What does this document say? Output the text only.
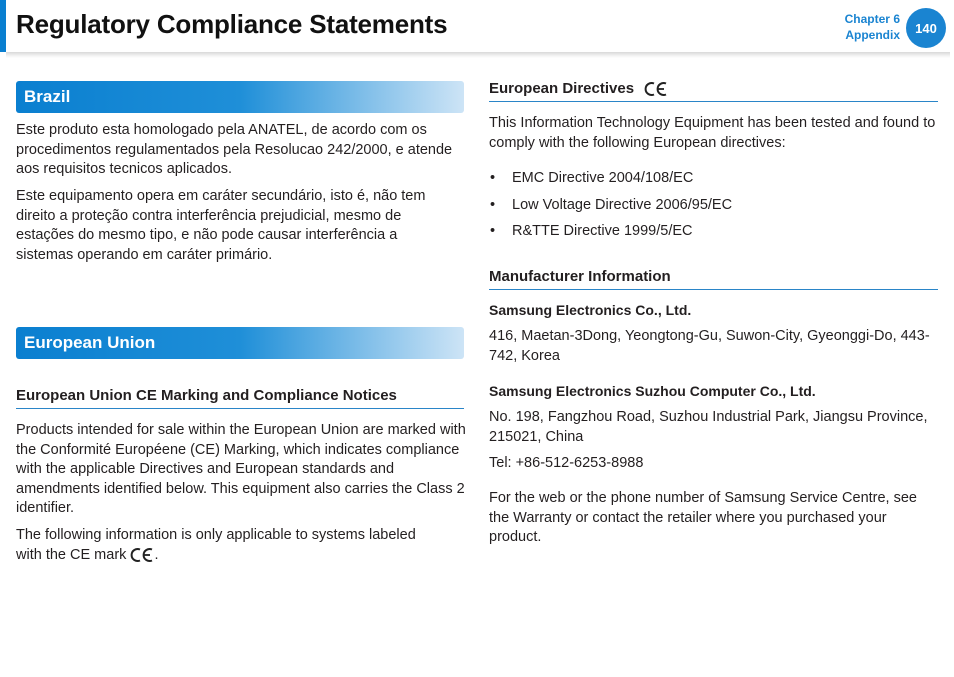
Regulatory Compliance Statements	Chapter 6
Appendix	140
Brazil

Este produto esta homologado pela ANATEL, de acordo com os procedimentos regulamentados pela Resolucao 242/2000, e atende aos requisitos tecnicos aplicados.

Este equipamento opera em caráter secundário, isto é, não tem direito a proteção contra interferência prejudicial, mesmo de estações do mesmo tipo, e não pode causar interferência a sistemas operando em caráter primário.

European Union
European Union CE Marking and Compliance Notices

Products intended for sale within the European Union are marked with the Conformité Européene (CE) Marking, which indicates compliance with the applicable Directives and European standards and amendments identified below. This equipment also carries the Class 2 identifier.

The following information is only applicable to systems labeled
with the CE mark .
European Directives

This Information Technology Equipment has been tested and found to comply with the following European directives:

• EMC Directive 2004/108/EC
• Low Voltage Directive 2006/95/EC
• R&TTE Directive 1999/5/EC
Manufacturer Information

Samsung Electronics Co., Ltd.

416, Maetan-3Dong, Yeongtong-Gu, Suwon-City, Gyeonggi-Do, 443-742, Korea

Samsung Electronics Suzhou Computer Co., Ltd.

No. 198, Fangzhou Road, Suzhou Industrial Park, Jiangsu Province, 215021, China

Tel: +86-512-6253-8988

For the web or the phone number of Samsung Service Centre, see the Warranty or contact the retailer where you purchased your product.
